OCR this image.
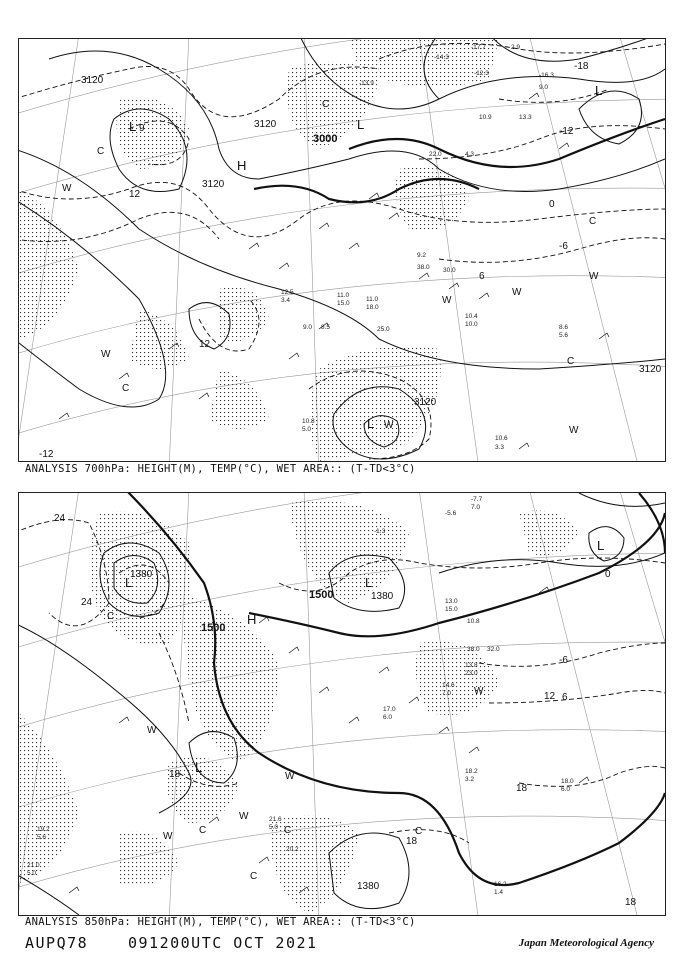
3120
3120
3120
3000
3120
3120
-18
-12
-6
0
6
12
12
-12
L 9	L
L
L
H
W
C
C
W
C
W
W
W
C
W
W
C
-17.7	2.9
-16.3
9.0
-12.3
-14.3
-13.9
22.0	4.3
10.9	13.3
11.0
18.0
25.0
9.2
38.0 30.0
10.4
10.0	8.6
5.6
10.6
3.3
10.8
5.0
12.5
3.4
9.0 8.5
11.0
15.0
ANALYSIS 700hPa: HEIGHT(M), TEMP(°C), WET AREA:: (T-TD<3°C)
1380
1500
1500	1380
1380
24
24
0
-6
6
12
18
18
18
18
L	L
L
L
H
C
W
C
W	C
W
C
W
W
C
-7.7
7.0
-1.3
-5.6
13.0
15.0
10.8
38.0 32.0
13.8
23.0
14.6
7.0
17.0
6.0
18.2
3.2	18.0
6.0
21.6
5.0
20.2
16.2
1.4
19.2
5.6
21.0
5.0
ANALYSIS 850hPa: HEIGHT(M), TEMP(°C), WET AREA:: (T-TD<3°C)
AUPQ78	091200UTC OCT 2021	Japan Meteorological Agency
